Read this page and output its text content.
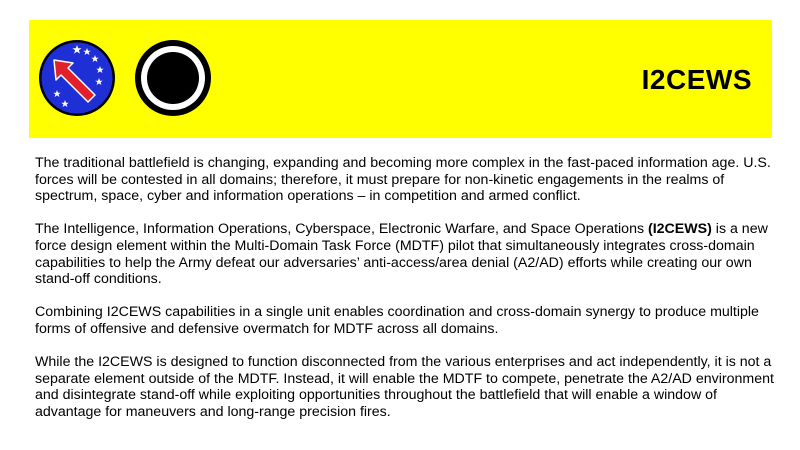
I2CEWS

The traditional battlefield is changing, expanding and becoming more complex in the fast-paced information age. U.S. forces will be contested in all domains; therefore, it must prepare for non-kinetic engagements in the realms of spectrum, space, cyber and information operations – in competition and armed conflict.

The Intelligence, Information Operations, Cyberspace, Electronic Warfare, and Space Operations (I2CEWS) is a new force design element within the Multi-Domain Task Force (MDTF) pilot that simultaneously integrates cross-domain capabilities to help the Army defeat our adversaries’ anti-access/area denial (A2/AD) efforts while creating our own stand-off conditions.

Combining I2CEWS capabilities in a single unit enables coordination and cross-domain synergy to produce multiple forms of offensive and defensive overmatch for MDTF across all domains.

While the I2CEWS is designed to function disconnected from the various enterprises and act independently, it is not a separate element outside of the MDTF. Instead, it will enable the MDTF to compete, penetrate the A2/AD environment and disintegrate stand-off while exploiting opportunities throughout the battlefield that will enable a window of advantage for maneuvers and long-range precision fires.
